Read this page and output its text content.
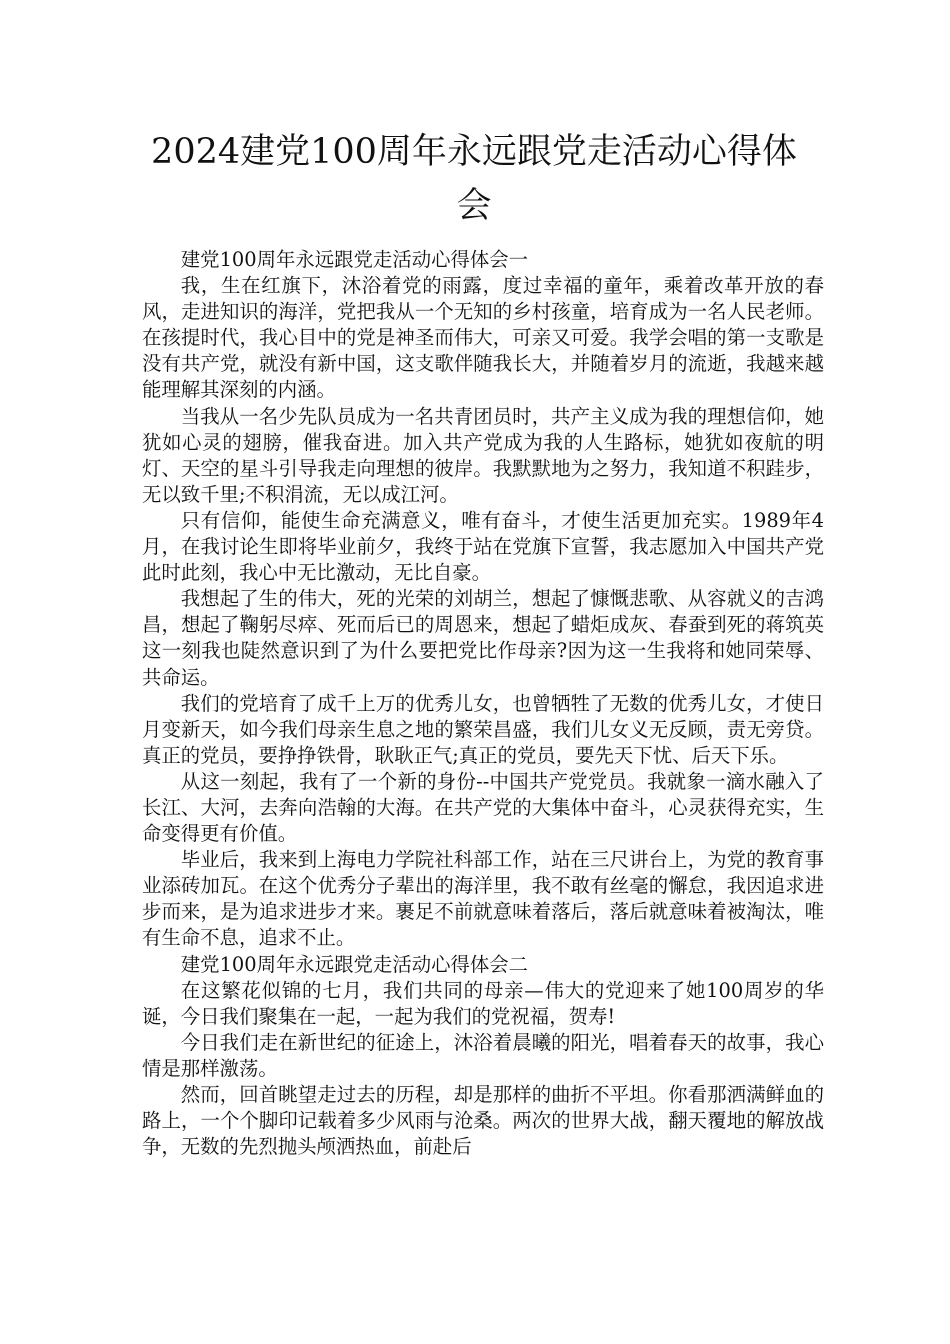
2024建党100周年永远跟党走活动心得体会

建党100周年永远跟党走活动心得体会一

我，生在红旗下，沐浴着党的雨露，度过幸福的童年，乘着改革开放的春风，走进知识的海洋，党把我从一个无知的乡村孩童，培育成为一名人民老师。在孩提时代，我心目中的党是神圣而伟大，可亲又可爱。我学会唱的第一支歌是没有共产党，就没有新中国，这支歌伴随我长大，并随着岁月的流逝，我越来越能理解其深刻的内涵。

当我从一名少先队员成为一名共青团员时，共产主义成为我的理想信仰，她犹如心灵的翅膀，催我奋进。加入共产党成为我的人生路标，她犹如夜航的明灯、天空的星斗引导我走向理想的彼岸。我默默地为之努力，我知道不积跬步，无以致千里;不积涓流，无以成江河。

只有信仰，能使生命充满意义，唯有奋斗，才使生活更加充实。1989年4月，在我讨论生即将毕业前夕，我终于站在党旗下宣誓，我志愿加入中国共产党此时此刻，我心中无比激动，无比自豪。

我想起了生的伟大，死的光荣的刘胡兰，想起了慷慨悲歌、从容就义的吉鸿昌，想起了鞠躬尽瘁、死而后已的周恩来，想起了蜡炬成灰、春蚕到死的蒋筑英这一刻我也陡然意识到了为什么要把党比作母亲?因为这一生我将和她同荣辱、共命运。

我们的党培育了成千上万的优秀儿女，也曾牺牲了无数的优秀儿女，才使日月变新天，如今我们母亲生息之地的繁荣昌盛，我们儿女义无反顾，责无旁贷。真正的党员，要挣挣铁骨，耿耿正气;真正的党员，要先天下忧、后天下乐。

从这一刻起，我有了一个新的身份--中国共产党党员。我就象一滴水融入了长江、大河，去奔向浩翰的大海。在共产党的大集体中奋斗，心灵获得充实，生命变得更有价值。

毕业后，我来到上海电力学院社科部工作，站在三尺讲台上，为党的教育事业添砖加瓦。在这个优秀分子辈出的海洋里，我不敢有丝毫的懈怠，我因追求进步而来，是为追求进步才来。裹足不前就意味着落后，落后就意味着被淘汰，唯有生命不息，追求不止。

建党100周年永远跟党走活动心得体会二

在这繁花似锦的七月，我们共同的母亲—伟大的党迎来了她100周岁的华诞，今日我们聚集在一起，一起为我们的党祝福，贺寿!

今日我们走在新世纪的征途上，沐浴着晨曦的阳光，唱着春天的故事，我心情是那样激荡。

然而，回首眺望走过去的历程，却是那样的曲折不平坦。你看那洒满鲜血的路上，一个个脚印记载着多少风雨与沧桑。两次的世界大战，翻天覆地的解放战争，无数的先烈抛头颅洒热血，前赴后
